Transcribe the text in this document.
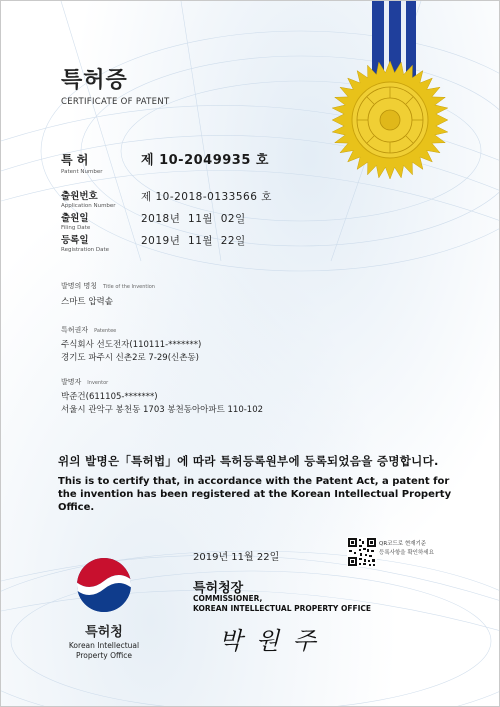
특허증
CERTIFICATE OF PATENT
특 허
Patent Number
제 10-2049935 호
출원번호
Application Number
제 10-2018-0133566 호
출원일
Filing Date
2018년  11월  02일
등록일
Registration Date
2019년  11월  22일
발명의 명칭 Title of the Invention
스마트 압력솥
특허권자 Patentee
주식회사 선도전자(110111-*******)
경기도 파주시 신촌2로 7-29(신촌동)
발명자 Inventor
박준건(611105-*******)
서울시 관악구 봉천동 1703 봉천동아아파트 110-102
위의 발명은「특허법」에 따라 특허등록원부에 등록되었음을 증명합니다.
This is to certify that, in accordance with the Patent Act, a patent for the invention has been registered at the Korean Intellectual Property Office.
2019년 11월 22일
QR코드로 현재기준
등록사항을 확인하세요
특허청장
COMMISSIONER,
KOREAN INTELLECTUAL PROPERTY OFFICE
박 원 주
특허청
Korean Intellectual
Property Office
